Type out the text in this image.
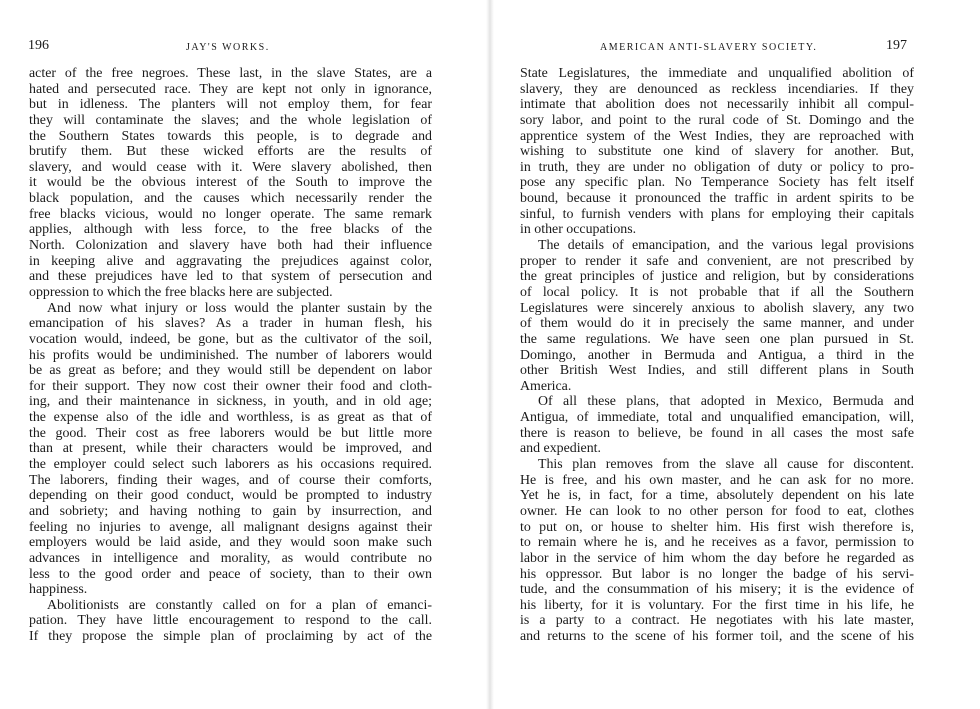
196	JAY'S WORKS.
acter of the free negroes. These last, in the slave States, are a
hated and persecuted race. They are kept not only in ignorance,
but in idleness. The planters will not employ them, for fear
they will contaminate the slaves; and the whole legislation of
the Southern States towards this people, is to degrade and
brutify them. But these wicked efforts are the results of
slavery, and would cease with it. Were slavery abolished, then
it would be the obvious interest of the South to improve the
black population, and the causes which necessarily render the
free blacks vicious, would no longer operate. The same remark
applies, although with less force, to the free blacks of the
North. Colonization and slavery have both had their influence
in keeping alive and aggravating the prejudices against color,
and these prejudices have led to that system of persecution and
oppression to which the free blacks here are subjected.
And now what injury or loss would the planter sustain by the
emancipation of his slaves? As a trader in human flesh, his
vocation would, indeed, be gone, but as the cultivator of the soil,
his profits would be undiminished. The number of laborers would
be as great as before; and they would still be dependent on labor
for their support. They now cost their owner their food and cloth-
ing, and their maintenance in sickness, in youth, and in old age;
the expense also of the idle and worthless, is as great as that of
the good. Their cost as free laborers would be but little more
than at present, while their characters would be improved, and
the employer could select such laborers as his occasions required.
The laborers, finding their wages, and of course their comforts,
depending on their good conduct, would be prompted to industry
and sobriety; and having nothing to gain by insurrection, and
feeling no injuries to avenge, all malignant designs against their
employers would be laid aside, and they would soon make such
advances in intelligence and morality, as would contribute no
less to the good order and peace of society, than to their own
happiness.
Abolitionists are constantly called on for a plan of emanci-
pation. They have little encouragement to respond to the call.
If they propose the simple plan of proclaiming by act of the
AMERICAN ANTI-SLAVERY SOCIETY.	197
State Legislatures, the immediate and unqualified abolition of
slavery, they are denounced as reckless incendiaries. If they
intimate that abolition does not necessarily inhibit all compul-
sory labor, and point to the rural code of St. Domingo and the
apprentice system of the West Indies, they are reproached with
wishing to substitute one kind of slavery for another. But,
in truth, they are under no obligation of duty or policy to pro-
pose any specific plan. No Temperance Society has felt itself
bound, because it pronounced the traffic in ardent spirits to be
sinful, to furnish venders with plans for employing their capitals
in other occupations.
The details of emancipation, and the various legal provisions
proper to render it safe and convenient, are not prescribed by
the great principles of justice and religion, but by considerations
of local policy. It is not probable that if all the Southern
Legislatures were sincerely anxious to abolish slavery, any two
of them would do it in precisely the same manner, and under
the same regulations. We have seen one plan pursued in St.
Domingo, another in Bermuda and Antigua, a third in the
other British West Indies, and still different plans in South
America.
Of all these plans, that adopted in Mexico, Bermuda and
Antigua, of immediate, total and unqualified emancipation, will,
there is reason to believe, be found in all cases the most safe
and expedient.
This plan removes from the slave all cause for discontent.
He is free, and his own master, and he can ask for no more.
Yet he is, in fact, for a time, absolutely dependent on his late
owner. He can look to no other person for food to eat, clothes
to put on, or house to shelter him. His first wish therefore is,
to remain where he is, and he receives as a favor, permission to
labor in the service of him whom the day before he regarded as
his oppressor. But labor is no longer the badge of his servi-
tude, and the consummation of his misery; it is the evidence of
his liberty, for it is voluntary. For the first time in his life, he
is a party to a contract. He negotiates with his late master,
and returns to the scene of his former toil, and the scene of his
